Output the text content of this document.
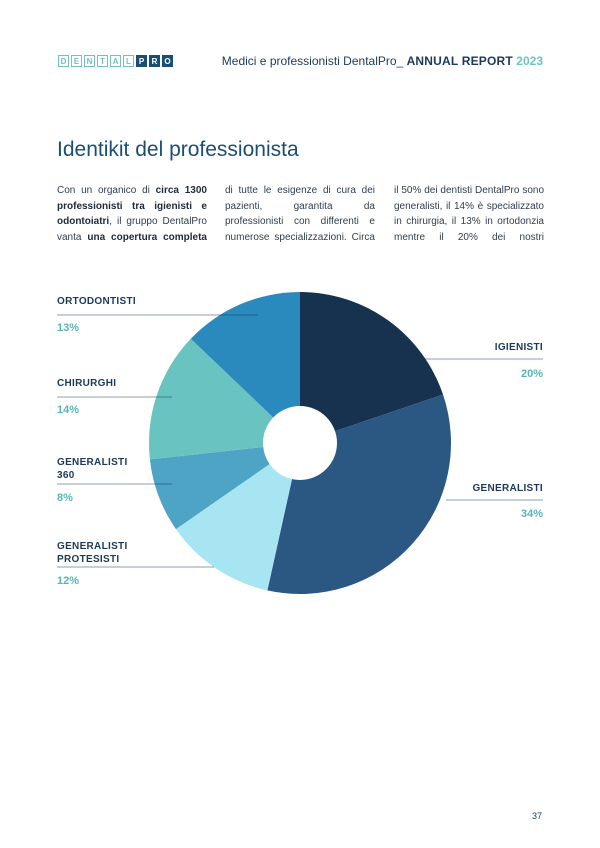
D E N T A L P R O	Medici e professionisti DentalPro_ ANNUAL REPORT 2023
Identikit del professionista
Con un organico di circa 1300 professionisti tra igienisti e odontoiatri, il gruppo DentalPro vanta una copertura completa
ORTODONTISTI
13%
CHIRURGHI
14%
GENERALISTI
360
8%
GENERALISTI
PROTESISTI
12%
IGIENISTI
20%
GENERALISTI
34%
37
di tutte le esigenze di cura dei pazienti, garantita da professionisti con differenti e numerose specializzazioni. Circa
il 50% dei dentisti DentalPro sono generalisti, il 14% è specializzato in chirurgia, il 13% in ortodonzia mentre il 20% dei nostri
